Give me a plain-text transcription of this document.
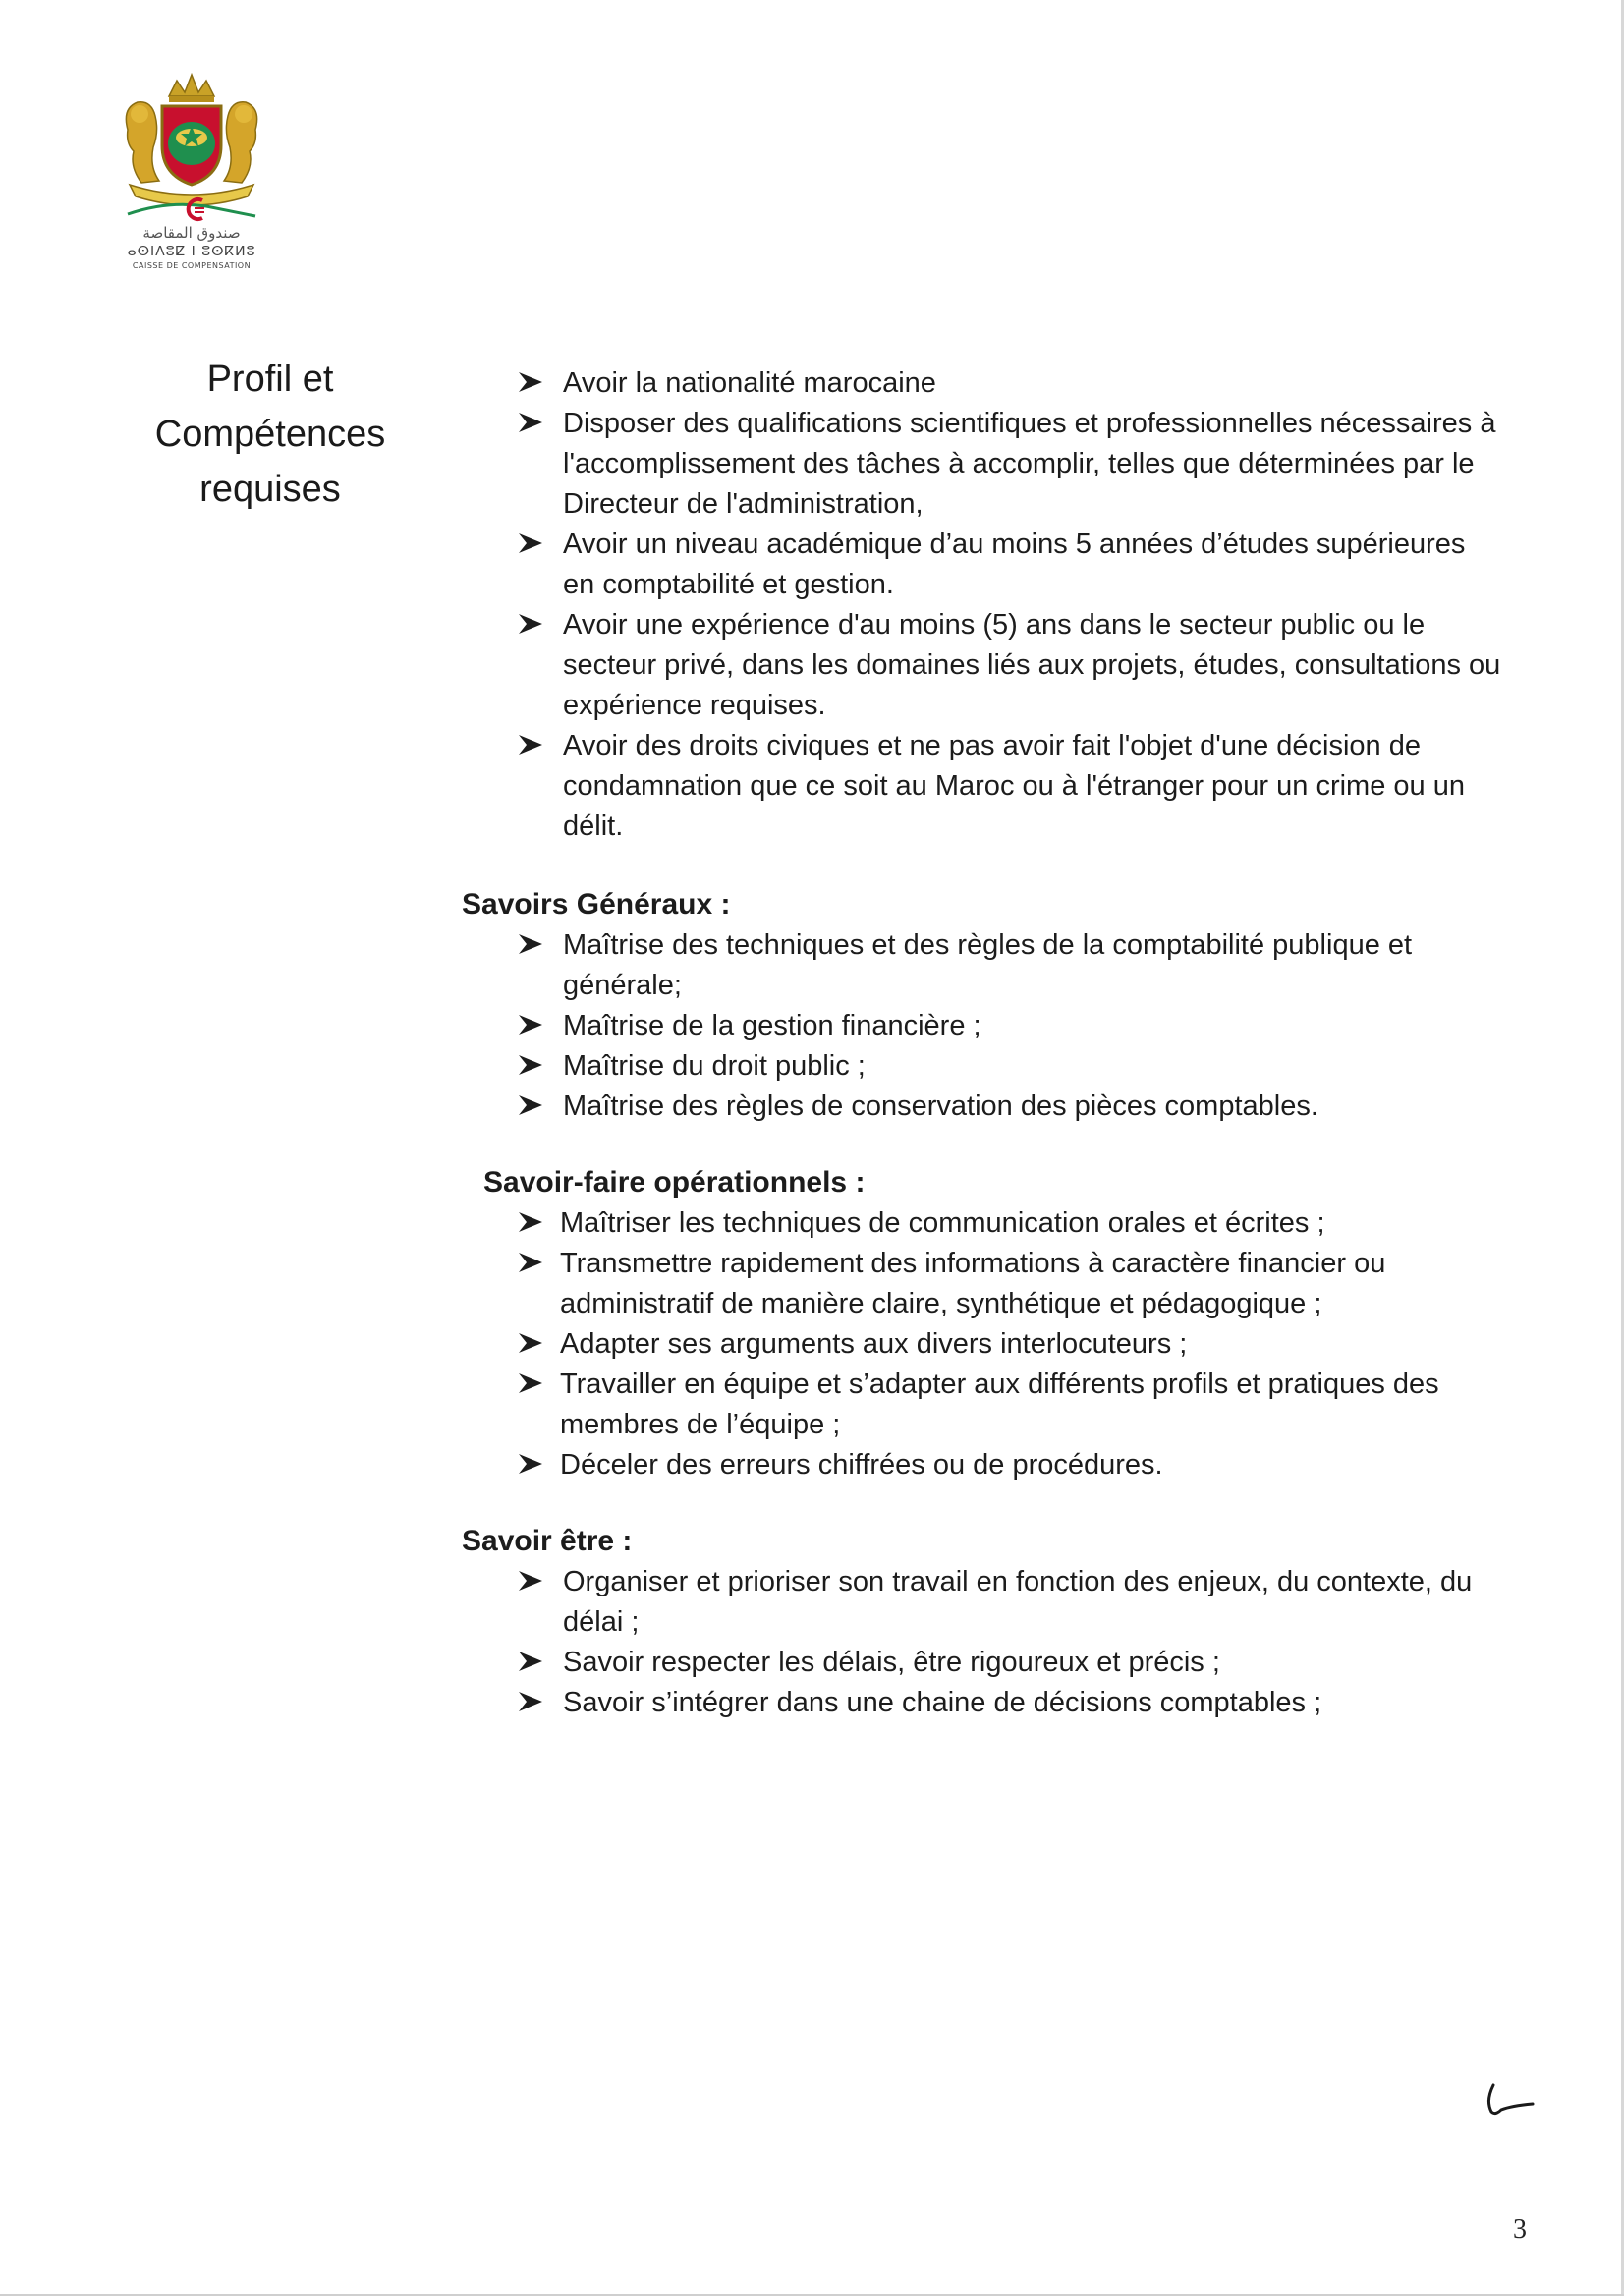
صندوق المقاصة
ⴰⵙⵏⴷⵓⵇ ⵏ ⵓⵙⴽⵍⵓ
CAISSE DE COMPENSATION
Profil et
Compétences
requises
Avoir la nationalité marocaine
Disposer des qualifications scientifiques et professionnelles nécessaires à l'accomplissement des tâches à accomplir, telles que déterminées par le Directeur de l'administration,
Avoir un niveau académique d’au moins 5 années d’études supérieures en comptabilité et gestion.
Avoir une expérience d'au moins (5) ans dans le secteur public ou le secteur privé, dans les domaines liés aux projets, études, consultations ou expérience requises.
Avoir des droits civiques et ne pas avoir fait l'objet d'une décision de condamnation que ce soit au Maroc ou à l'étranger pour un crime ou un délit.
Savoirs Généraux :
Maîtrise des techniques et des règles de la comptabilité publique et générale;
Maîtrise de la gestion financière ;
Maîtrise du droit public ;
Maîtrise des règles de conservation des pièces comptables.
Savoir-faire opérationnels :
Maîtriser les techniques de communication orales et écrites ;
Transmettre rapidement des informations à caractère financier ou administratif de manière claire, synthétique et pédagogique ;
Adapter ses arguments aux divers interlocuteurs ;
Travailler en équipe et s’adapter aux différents profils et pratiques des membres de l’équipe ;
Déceler des erreurs chiffrées ou de procédures.
Savoir être :
Organiser et prioriser son travail en fonction des enjeux, du contexte, du délai ;
Savoir respecter les délais, être rigoureux et précis ;
Savoir s’intégrer dans une chaine de décisions comptables ;
3
